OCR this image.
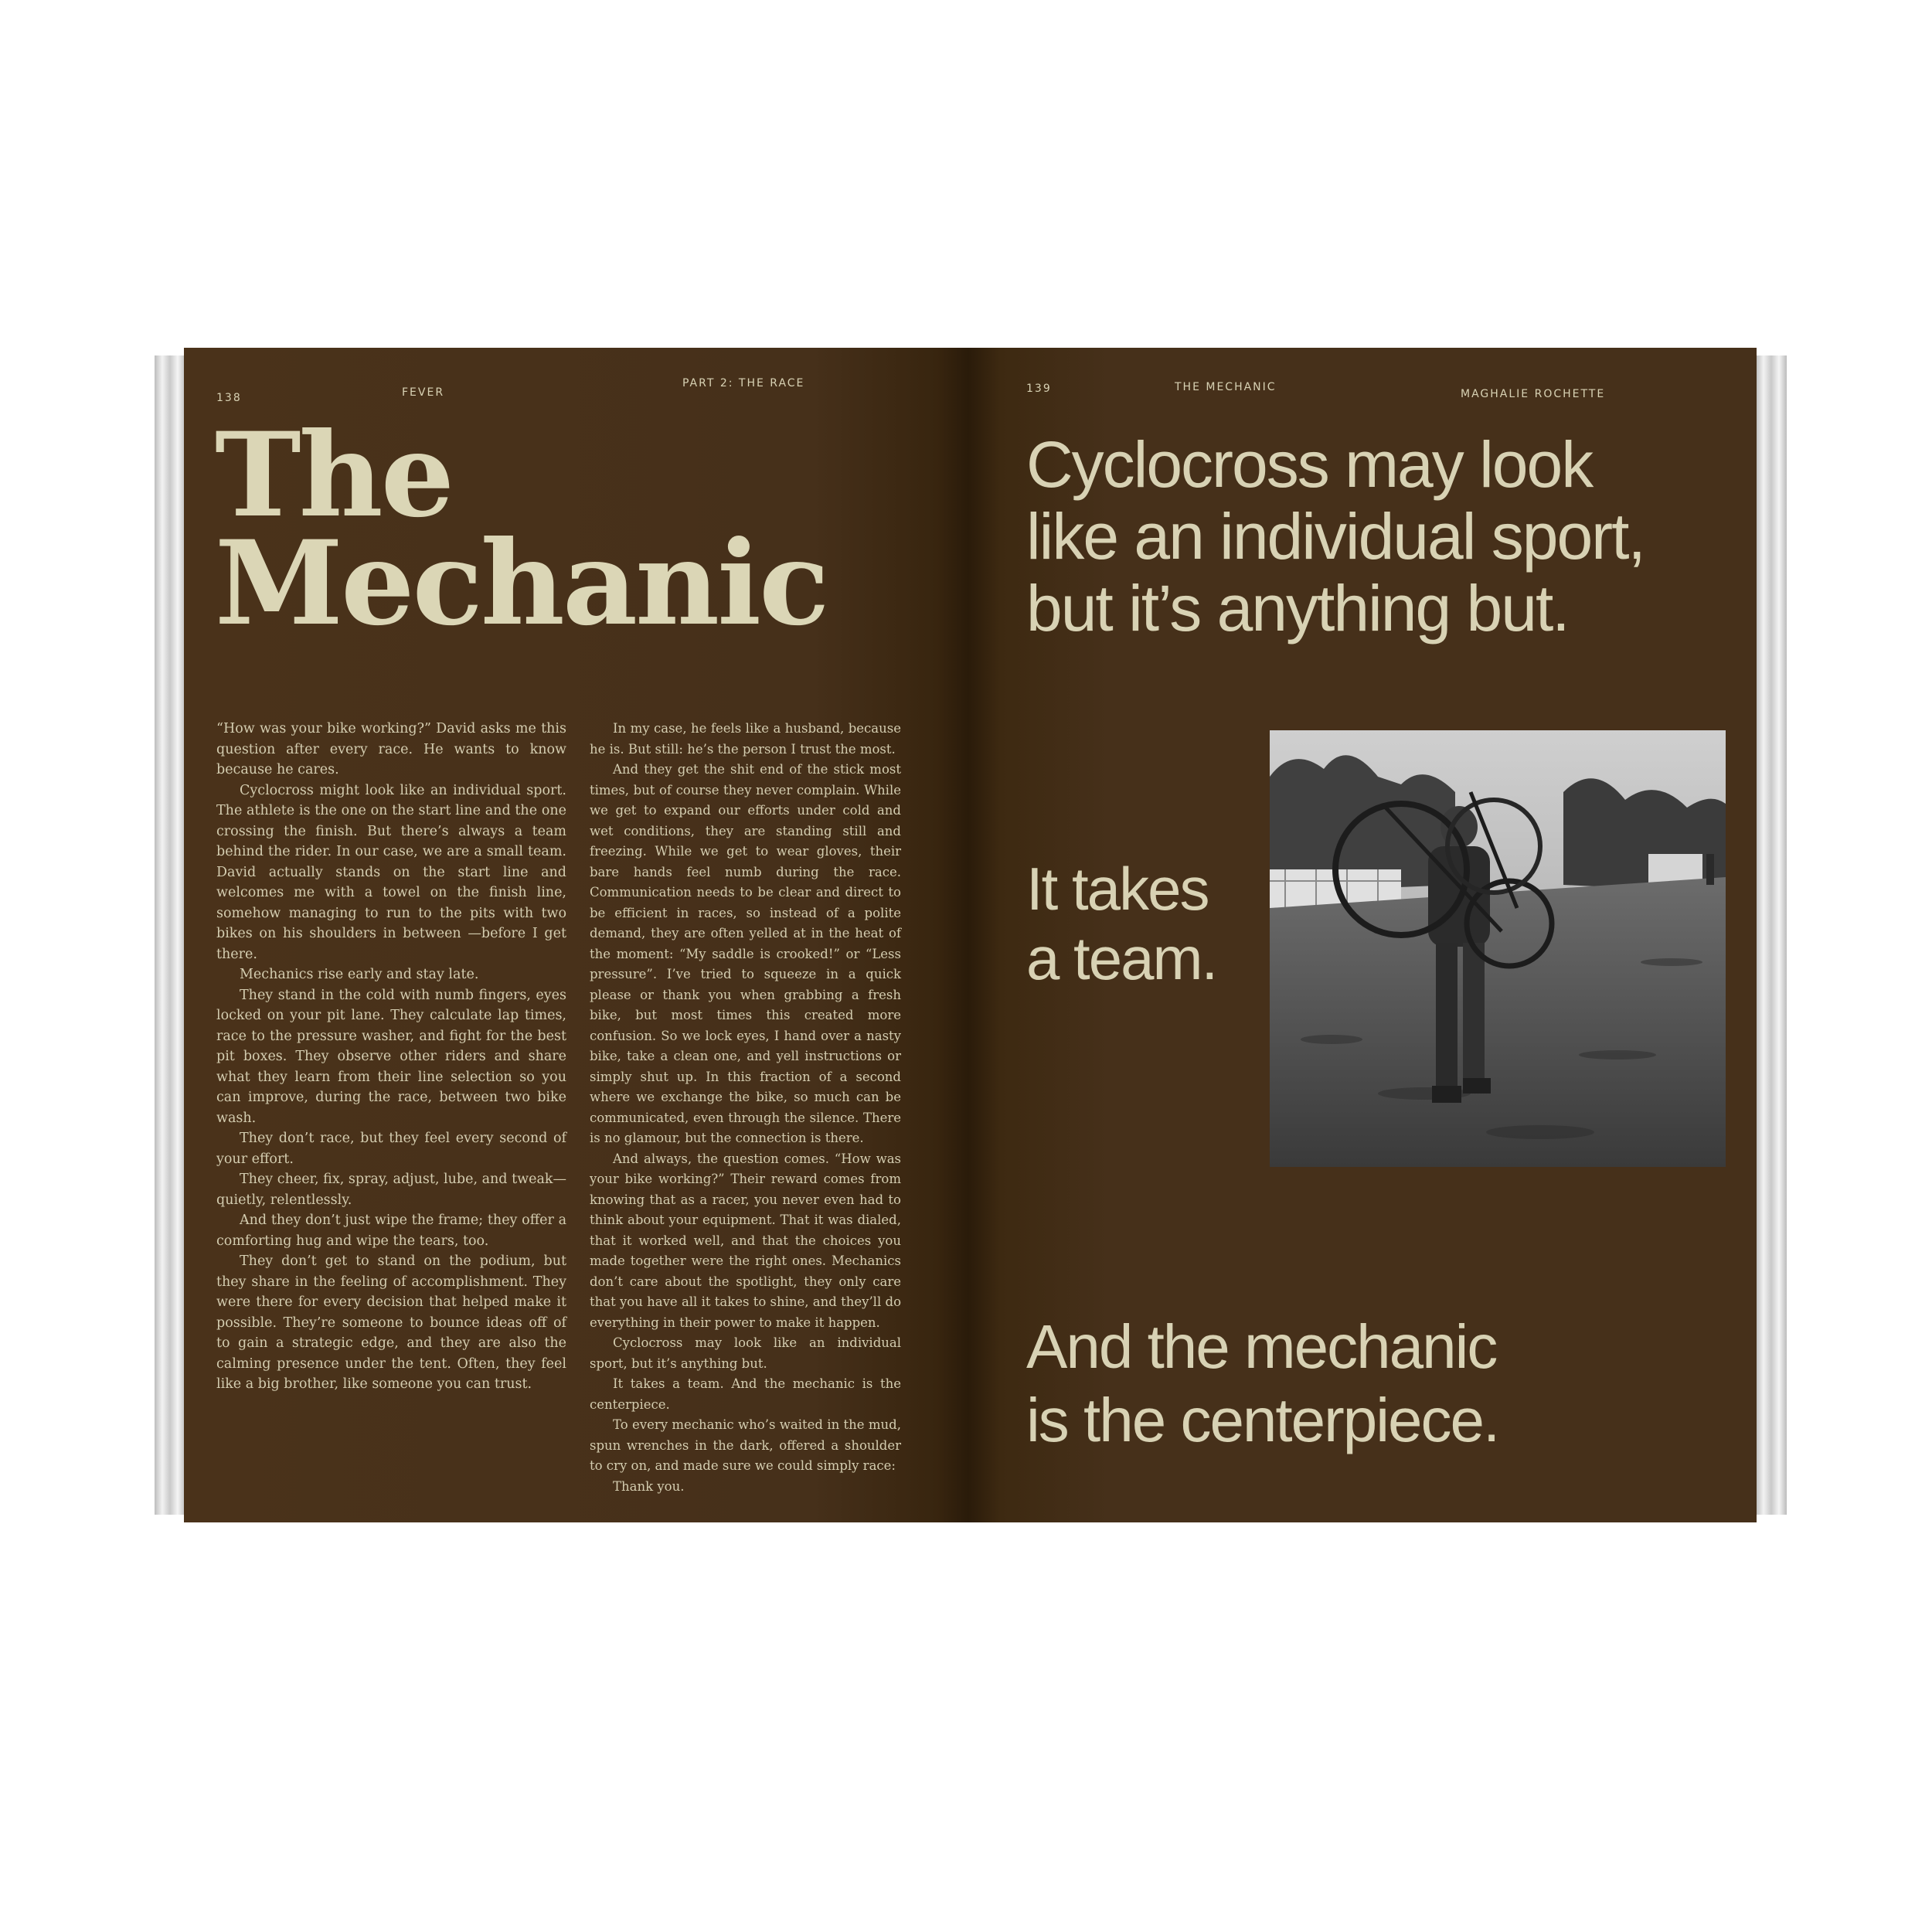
138	FEVER
PART 2: THE RACE
The
Mechanic

“How was your bike working?” David asks me this question after every race. He wants to know because he cares.

Cyclocross might look like an individual sport. The athlete is the one on the start line and the one crossing the finish. But there’s always a team behind the rider. In our case, we are a small team. David actually stands on the start line and welcomes me with a towel on the finish line, somehow managing to run to the pits with two bikes on his shoulders in between —before I get there.

Mechanics rise early and stay late.

They stand in the cold with numb fingers, eyes locked on your pit lane. They calculate lap times, race to the pressure washer, and fight for the best pit boxes. They observe other riders and share what they learn from their line selection so you can improve, during the race, between two bike wash.

They don’t race, but they feel every second of your effort.

They cheer, fix, spray, adjust, lube, and tweak—quietly, relentlessly.

And they don’t just wipe the frame; they offer a comforting hug and wipe the tears, too.

They don’t get to stand on the podium, but they share in the feeling of accomplishment. They were there for every decision that helped make it possible. They’re someone to bounce ideas off of to gain a strategic edge, and they are also the calming presence under the tent. Often, they feel like a big brother, like someone you can trust.

In my case, he feels like a husband, because he is. But still: he’s the person I trust the most.

And they get the shit end of the stick most times, but of course they never complain. While we get to expand our efforts under cold and wet conditions, they are standing still and freezing. While we get to wear gloves, their bare hands feel numb during the race. Communication needs to be clear and direct to be efficient in races, so instead of a polite demand, they are often yelled at in the heat of the moment: “My saddle is crooked!” or “Less pressure”. I’ve tried to squeeze in a quick please or thank you when grabbing a fresh bike, but most times this created more confusion. So we lock eyes, I hand over a nasty bike, take a clean one, and yell instructions or simply shut up. In this fraction of a second where we exchange the bike, so much can be communicated, even through the silence. There is no glamour, but the connection is there.

And always, the question comes. “How was your bike working?” Their reward comes from knowing that as a racer, you never even had to think about your equipment. That it was dialed, that it worked well, and that the choices you made together were the right ones. Mechanics don’t care about the spotlight, they only care that you have all it takes to shine, and they’ll do everything in their power to make it happen.

Cyclocross may look like an individual sport, but it’s anything but.

It takes a team. And the mechanic is the centerpiece.

To every mechanic who’s waited in the mud, spun wrenches in the dark, offered a shoulder to cry on, and made sure we could simply race:

Thank you.

139	THE MECHANIC
MAGHALIE ROCHETTE
Cyclocross may look
like an individual sport,
but it’s anything but.
It takes
a team.
And the mechanic
is the centerpiece.
